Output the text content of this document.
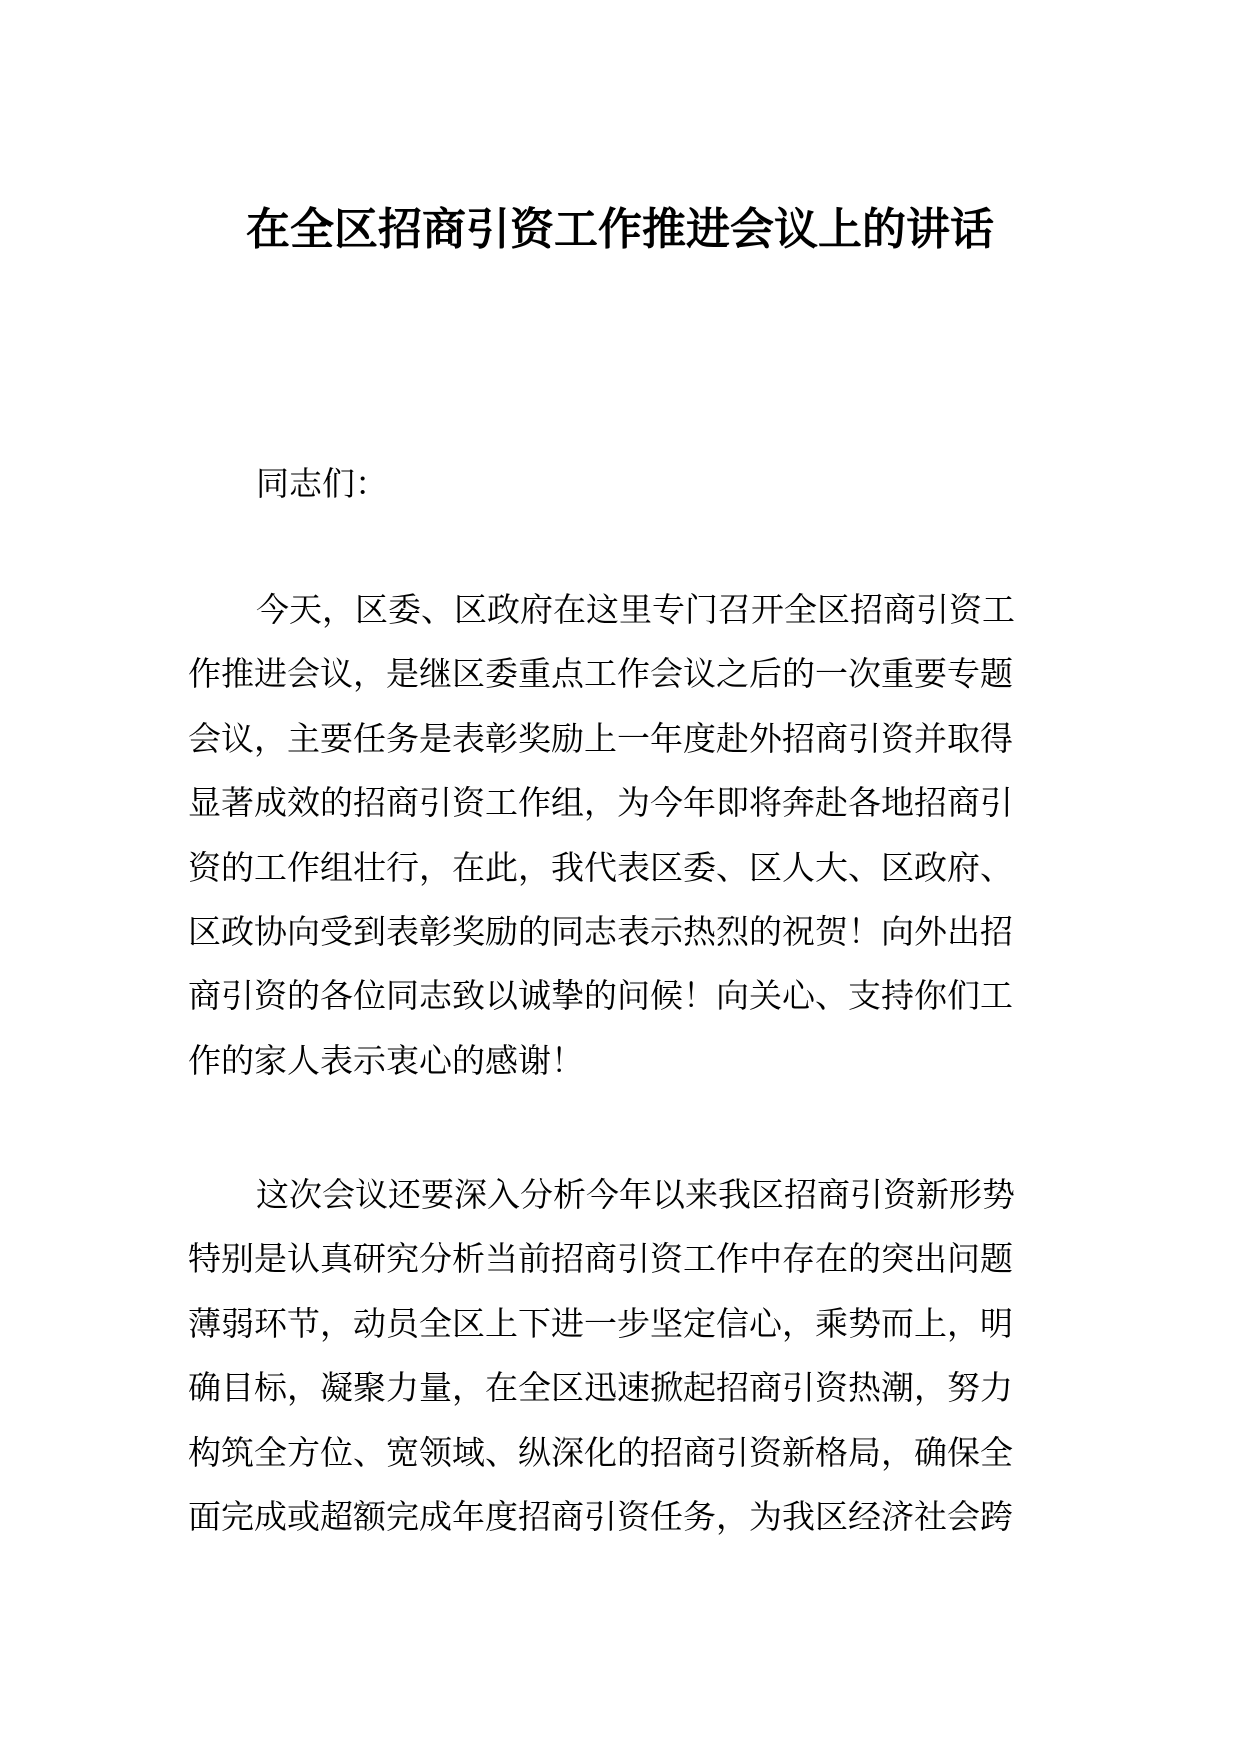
在全区招商引资工作推进会议上的讲话
同志们：
今天，区委、区政府在这里专门召开全区招商引资工
作推进会议，是继区委重点工作会议之后的一次重要专题
会议，主要任务是表彰奖励上一年度赴外招商引资并取得
显著成效的招商引资工作组，为今年即将奔赴各地招商引
资的工作组壮行，在此，我代表区委、区人大、区政府、
区政协向受到表彰奖励的同志表示热烈的祝贺！向外出招
商引资的各位同志致以诚挚的问候！向关心、支持你们工
作的家人表示衷心的感谢！
这次会议还要深入分析今年以来我区招商引资新形势
特别是认真研究分析当前招商引资工作中存在的突出问题
薄弱环节，动员全区上下进一步坚定信心，乘势而上，明
确目标，凝聚力量，在全区迅速掀起招商引资热潮，努力
构筑全方位、宽领域、纵深化的招商引资新格局，确保全
面完成或超额完成年度招商引资任务，为我区经济社会跨
